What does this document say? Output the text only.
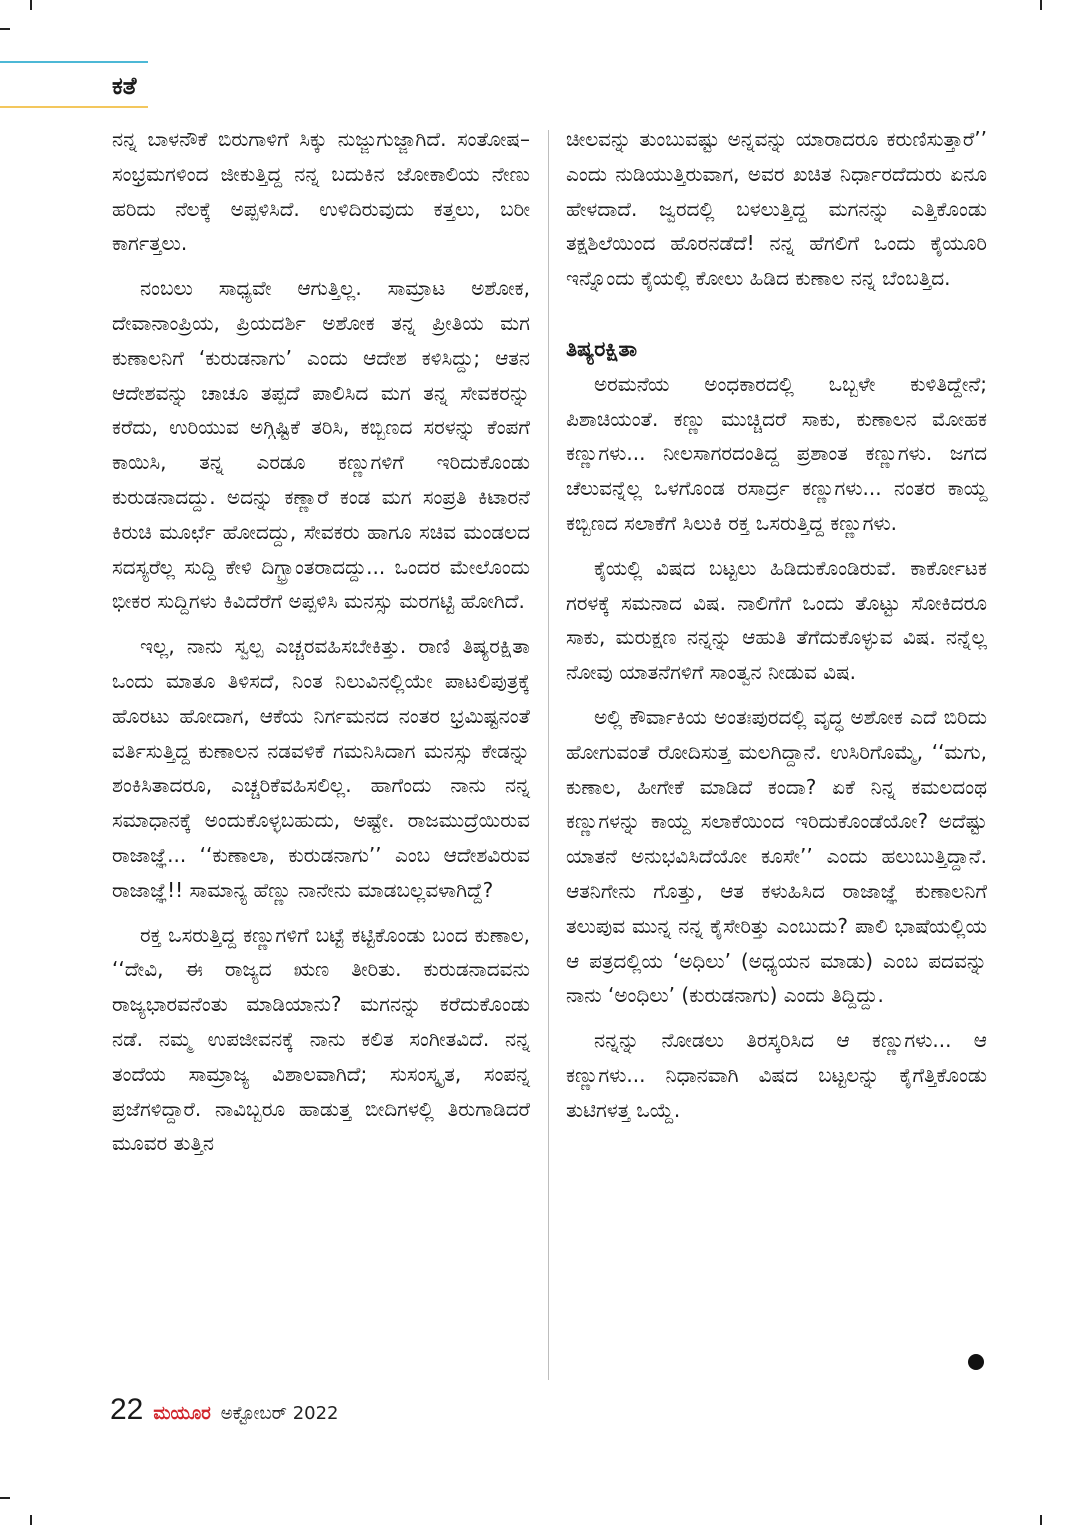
ಕತೆ

ನನ್ನ ಬಾಳನೌಕೆ ಬಿರುಗಾಳಿಗೆ ಸಿಕ್ಕು ನುಜ್ಜುಗುಜ್ಜಾಗಿದೆ. ಸಂತೋಷ–ಸಂಭ್ರಮಗಳಿಂದ ಜೀಕುತ್ತಿದ್ದ ನನ್ನ ಬದುಕಿನ ಜೋಕಾಲಿಯ ನೇಣು ಹರಿದು ನೆಲಕ್ಕೆ ಅಪ್ಪಳಿಸಿದೆ. ಉಳಿದಿರುವುದು ಕತ್ತಲು, ಬರೀ ಕಾರ್ಗತ್ತಲು.

ನಂಬಲು ಸಾಧ್ಯವೇ ಆಗುತ್ತಿಲ್ಲ. ಸಾಮ್ರಾಟ ಅಶೋಕ, ದೇವಾನಾಂಪ್ರಿಯ, ಪ್ರಿಯದರ್ಶಿ ಅಶೋಕ ತನ್ನ ಪ್ರೀತಿಯ ಮಗ ಕುಣಾಲನಿಗೆ ‘ಕುರುಡನಾಗು’ ಎಂದು ಆದೇಶ ಕಳಿಸಿದ್ದು; ಆತನ ಆದೇಶವನ್ನು ಚಾಚೂ ತಪ್ಪದೆ ಪಾಲಿಸಿದ ಮಗ ತನ್ನ ಸೇವಕರನ್ನು ಕರೆದು, ಉರಿಯುವ ಅಗ್ಗಿಷ್ಟಿಕೆ ತರಿಸಿ, ಕಬ್ಬಿಣದ ಸರಳನ್ನು ಕೆಂಪಗೆ ಕಾಯಿಸಿ, ತನ್ನ ಎರಡೂ ಕಣ್ಣುಗಳಿಗೆ ಇರಿದುಕೊಂಡು ಕುರುಡನಾದದ್ದು. ಅದನ್ನು ಕಣ್ಣಾರೆ ಕಂಡ ಮಗ ಸಂಪ್ರತಿ ಕಿಟಾರನೆ ಕಿರುಚಿ ಮೂರ್ಛೆ ಹೋದದ್ದು, ಸೇವಕರು ಹಾಗೂ ಸಚಿವ ಮಂಡಲದ ಸದಸ್ಯರೆಲ್ಲ ಸುದ್ದಿ ಕೇಳಿ ದಿಗ್ಭ್ರಾಂತರಾದದ್ದು... ಒಂದರ ಮೇಲೊಂದು ಭೀಕರ ಸುದ್ದಿಗಳು ಕಿವಿದೆರೆಗೆ ಅಪ್ಪಳಿಸಿ ಮನಸ್ಸು ಮರಗಟ್ಟಿ ಹೋಗಿದೆ.

ಇಲ್ಲ, ನಾನು ಸ್ವಲ್ಪ ಎಚ್ಚರವಹಿಸಬೇಕಿತ್ತು. ರಾಣಿ ತಿಷ್ಯರಕ್ಷಿತಾ ಒಂದು ಮಾತೂ ತಿಳಿಸದೆ, ನಿಂತ ನಿಲುವಿನಲ್ಲಿಯೇ ಪಾಟಲಿಪುತ್ರಕ್ಕೆ ಹೊರಟು ಹೋದಾಗ, ಆಕೆಯ ನಿರ್ಗಮನದ ನಂತರ ಭ್ರಮಿಷ್ಟನಂತೆ ವರ್ತಿಸುತ್ತಿದ್ದ ಕುಣಾಲನ ನಡವಳಿಕೆ ಗಮನಿಸಿದಾಗ ಮನಸ್ಸು ಕೇಡನ್ನು ಶಂಕಿಸಿತಾದರೂ, ಎಚ್ಚರಿಕೆವಹಿಸಲಿಲ್ಲ. ಹಾಗೆಂದು ನಾನು ನನ್ನ ಸಮಾಧಾನಕ್ಕೆ ಅಂದುಕೊಳ್ಳಬಹುದು, ಅಷ್ಟೇ. ರಾಜಮುದ್ರೆಯಿರುವ ರಾಜಾಜ್ಞೆ... ‘‘ಕುಣಾಲಾ, ಕುರುಡನಾಗು’’ ಎಂಬ ಆದೇಶವಿರುವ ರಾಜಾಜ್ಞೆ!! ಸಾಮಾನ್ಯ ಹೆಣ್ಣು ನಾನೇನು ಮಾಡಬಲ್ಲವಳಾಗಿದ್ದೆ?

ರಕ್ತ ಒಸರುತ್ತಿದ್ದ ಕಣ್ಣುಗಳಿಗೆ ಬಟ್ಟೆ ಕಟ್ಟಿಕೊಂಡು ಬಂದ ಕುಣಾಲ, ‘‘ದೇವಿ, ಈ ರಾಜ್ಯದ ಋಣ ತೀರಿತು. ಕುರುಡನಾದವನು ರಾಜ್ಯಭಾರವನೆಂತು ಮಾಡಿಯಾನು? ಮಗನನ್ನು ಕರೆದುಕೊಂಡು ನಡೆ. ನಮ್ಮ ಉಪಜೀವನಕ್ಕೆ ನಾನು ಕಲಿತ ಸಂಗೀತವಿದೆ. ನನ್ನ ತಂದೆಯ ಸಾಮ್ರಾಜ್ಯ ವಿಶಾಲವಾಗಿದೆ; ಸುಸಂಸ್ಕೃತ, ಸಂಪನ್ನ ಪ್ರಜೆಗಳಿದ್ದಾರೆ. ನಾವಿಬ್ಬರೂ ಹಾಡುತ್ತ ಬೀದಿಗಳಲ್ಲಿ ತಿರುಗಾಡಿದರೆ ಮೂವರ ತುತ್ತಿನ

ಚೀಲವನ್ನು ತುಂಬುವಷ್ಟು ಅನ್ನವನ್ನು ಯಾರಾದರೂ ಕರುಣಿಸುತ್ತಾರೆ’’ ಎಂದು ನುಡಿಯುತ್ತಿರುವಾಗ, ಅವರ ಖಚಿತ ನಿರ್ಧಾರದೆದುರು ಏನೂ ಹೇಳದಾದೆ. ಜ್ವರದಲ್ಲಿ ಬಳಲುತ್ತಿದ್ದ ಮಗನನ್ನು ಎತ್ತಿಕೊಂಡು ತಕ್ಷಶಿಲೆಯಿಂದ ಹೊರನಡೆದೆ! ನನ್ನ ಹೆಗಲಿಗೆ ಒಂದು ಕೈಯೂರಿ ಇನ್ನೊಂದು ಕೈಯಲ್ಲಿ ಕೋಲು ಹಿಡಿದ ಕುಣಾಲ ನನ್ನ ಬೆಂಬತ್ತಿದ.

ತಿಷ್ಯರಕ್ಷಿತಾ

ಅರಮನೆಯ ಅಂಧಕಾರದಲ್ಲಿ ಒಬ್ಬಳೇ ಕುಳಿತಿದ್ದೇನೆ; ಪಿಶಾಚಿಯಂತೆ. ಕಣ್ಣು ಮುಚ್ಚಿದರೆ ಸಾಕು, ಕುಣಾಲನ ಮೋಹಕ ಕಣ್ಣುಗಳು... ನೀಲಸಾಗರದಂತಿದ್ದ ಪ್ರಶಾಂತ ಕಣ್ಣುಗಳು. ಜಗದ ಚೆಲುವನ್ನೆಲ್ಲ ಒಳಗೊಂಡ ರಸಾರ್ದ್ರ ಕಣ್ಣುಗಳು... ನಂತರ ಕಾಯ್ದ ಕಬ್ಬಿಣದ ಸಲಾಕೆಗೆ ಸಿಲುಕಿ ರಕ್ತ ಒಸರುತ್ತಿದ್ದ ಕಣ್ಣುಗಳು.

ಕೈಯಲ್ಲಿ ವಿಷದ ಬಟ್ಟಲು ಹಿಡಿದುಕೊಂಡಿರುವೆ. ಕಾರ್ಕೋಟಕ ಗರಳಕ್ಕೆ ಸಮನಾದ ವಿಷ. ನಾಲಿಗೆಗೆ ಒಂದು ತೊಟ್ಟು ಸೋಕಿದರೂ ಸಾಕು, ಮರುಕ್ಷಣ ನನ್ನನ್ನು ಆಹುತಿ ತೆಗೆದುಕೊಳ್ಳುವ ವಿಷ. ನನ್ನೆಲ್ಲ ನೋವು ಯಾತನೆಗಳಿಗೆ ಸಾಂತ್ವನ ನೀಡುವ ವಿಷ.

ಅಲ್ಲಿ ಕೌರ್ವಾಕಿಯ ಅಂತಃಪುರದಲ್ಲಿ ವೃದ್ಧ ಅಶೋಕ ಎದೆ ಬಿರಿದು ಹೋಗುವಂತೆ ರೋದಿಸುತ್ತ ಮಲಗಿದ್ದಾನೆ. ಉಸಿರಿಗೊಮ್ಮೆ, ‘‘ಮಗು, ಕುಣಾಲ, ಹೀಗೇಕೆ ಮಾಡಿದೆ ಕಂದಾ? ಏಕೆ ನಿನ್ನ ಕಮಲದಂಥ ಕಣ್ಣುಗಳನ್ನು ಕಾಯ್ದ ಸಲಾಕೆಯಿಂದ ಇರಿದುಕೊಂಡೆಯೋ? ಅದೆಷ್ಟು ಯಾತನೆ ಅನುಭವಿಸಿದೆಯೋ ಕೂಸೇ’’ ಎಂದು ಹಲುಬುತ್ತಿದ್ದಾನೆ. ಆತನಿಗೇನು ಗೊತ್ತು, ಆತ ಕಳುಹಿಸಿದ ರಾಜಾಜ್ಞೆ ಕುಣಾಲನಿಗೆ ತಲುಪುವ ಮುನ್ನ ನನ್ನ ಕೈಸೇರಿತ್ತು ಎಂಬುದು? ಪಾಲಿ ಭಾಷೆಯಲ್ಲಿಯ ಆ ಪತ್ರದಲ್ಲಿಯ ‘ಅಧಿಲು’ (ಅಧ್ಯಯನ ಮಾಡು) ಎಂಬ ಪದವನ್ನು ನಾನು ‘ಅಂಧಿಲು’ (ಕುರುಡನಾಗು) ಎಂದು ತಿದ್ದಿದ್ದು.

ನನ್ನನ್ನು ನೋಡಲು ತಿರಸ್ಕರಿಸಿದ ಆ ಕಣ್ಣುಗಳು... ಆ ಕಣ್ಣುಗಳು... ನಿಧಾನವಾಗಿ ವಿಷದ ಬಟ್ಟಲನ್ನು ಕೈಗೆತ್ತಿಕೊಂಡು ತುಟಿಗಳತ್ತ ಒಯ್ದೆ.

22 ಮಯೂರ ಅಕ್ಟೋಬರ್ 2022
